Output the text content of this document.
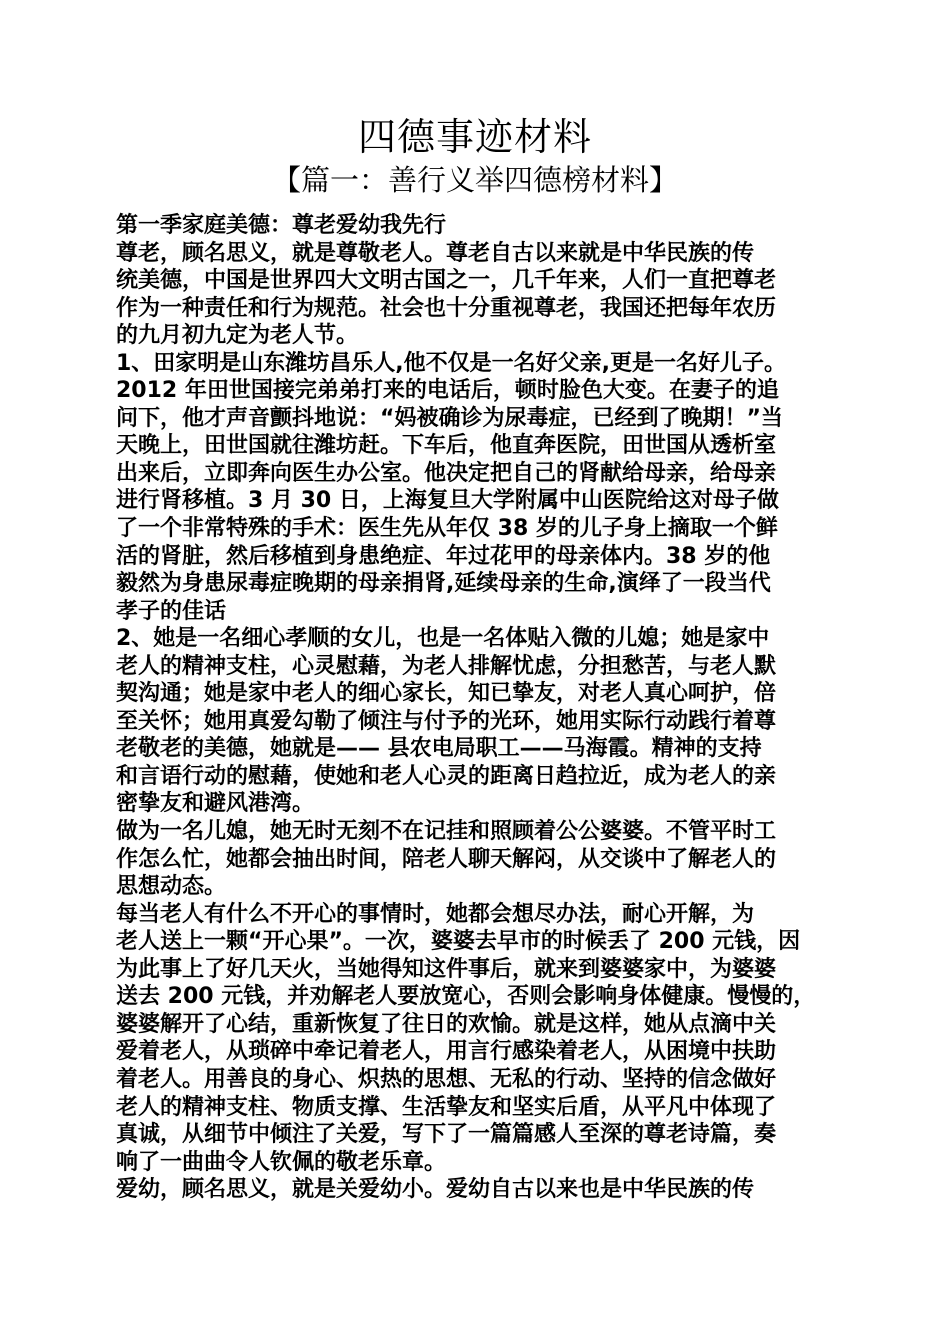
四德事迹材料
【篇一：善行义举四德榜材料】
第一季家庭美德：尊老爱幼我先行
尊老，顾名思义，就是尊敬老人。尊老自古以来就是中华民族的传
统美德，中国是世界四大文明古国之一，几千年来，人们一直把尊老
作为一种责任和行为规范。社会也十分重视尊老，我国还把每年农历
的九月初九定为老人节。
1、田家明是山东潍坊昌乐人,他不仅是一名好父亲,更是一名好儿子。
2012 年田世国接完弟弟打来的电话后，顿时脸色大变。在妻子的追
问下，他才声音颤抖地说：“妈被确诊为尿毒症，已经到了晚期！”当
天晚上，田世国就往潍坊赶。下车后，他直奔医院，田世国从透析室
出来后，立即奔向医生办公室。他决定把自己的肾献给母亲，给母亲
进行肾移植。3 月 30 日，上海复旦大学附属中山医院给这对母子做
了一个非常特殊的手术：医生先从年仅 38 岁的儿子身上摘取一个鲜
活的肾脏，然后移植到身患绝症、年过花甲的母亲体内。38 岁的他
毅然为身患尿毒症晚期的母亲捐肾,延续母亲的生命,演绎了一段当代
孝子的佳话
2、她是一名细心孝顺的女儿，也是一名体贴入微的儿媳；她是家中
老人的精神支柱，心灵慰藉，为老人排解忧虑，分担愁苦，与老人默
契沟通；她是家中老人的细心家长，知已挚友，对老人真心呵护，倍
至关怀；她用真爱勾勒了倾注与付予的光环，她用实际行动践行着尊
老敬老的美德，她就是—— 县农电局职工——马海霞。精神的支持
和言语行动的慰藉，使她和老人心灵的距离日趋拉近，成为老人的亲
密挚友和避风港湾。
做为一名儿媳，她无时无刻不在记挂和照顾着公公婆婆。不管平时工
作怎么忙，她都会抽出时间，陪老人聊天解闷，从交谈中了解老人的
思想动态。
每当老人有什么不开心的事情时，她都会想尽办法，耐心开解，为
老人送上一颗“开心果”。一次，婆婆去早市的时候丢了 200 元钱，因
为此事上了好几天火，当她得知这件事后，就来到婆婆家中，为婆婆
送去 200 元钱，并劝解老人要放宽心，否则会影响身体健康。慢慢的，
婆婆解开了心结，重新恢复了往日的欢愉。就是这样，她从点滴中关
爱着老人，从琐碎中牵记着老人，用言行感染着老人，从困境中扶助
着老人。用善良的身心、炽热的思想、无私的行动、坚持的信念做好
老人的精神支柱、物质支撑、生活挚友和坚实后盾，从平凡中体现了
真诚，从细节中倾注了关爱，写下了一篇篇感人至深的尊老诗篇，奏
响了一曲曲令人钦佩的敬老乐章。
爱幼，顾名思义，就是关爱幼小。爱幼自古以来也是中华民族的传
